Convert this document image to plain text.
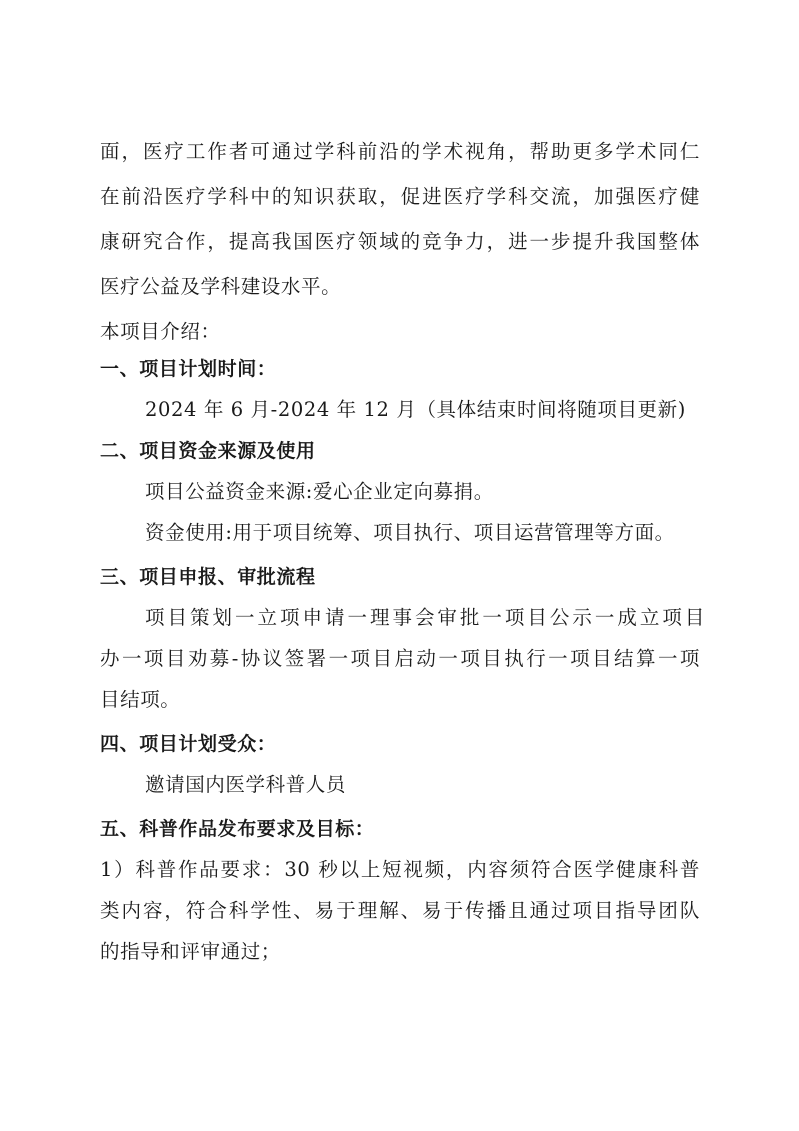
面，医疗工作者可通过学科前沿的学术视角，帮助更多学术同仁
在前沿医疗学科中的知识获取，促进医疗学科交流，加强医疗健
康研究合作，提高我国医疗领域的竞争力，进一步提升我国整体
医疗公益及学科建设水平。
本项目介绍：
一、项目计划时间：
2024 年 6 月-2024 年 12 月（具体结束时间将随项目更新)
二、项目资金来源及使用
项目公益资金来源:爱心企业定向募捐。
资金使用:用于项目统筹、项目执行、项目运营管理等方面。
三、项目申报、审批流程
项目策划一立项申请一理事会审批一项目公示一成立项目
办一项目劝募-协议签署一项目启动一项目执行一项目结算一项
目结项。
四、项目计划受众：
邀请国内医学科普人员
五、科普作品发布要求及目标：
1）科普作品要求：30 秒以上短视频，内容须符合医学健康科普
类内容，符合科学性、易于理解、易于传播且通过项目指导团队
的指导和评审通过；
